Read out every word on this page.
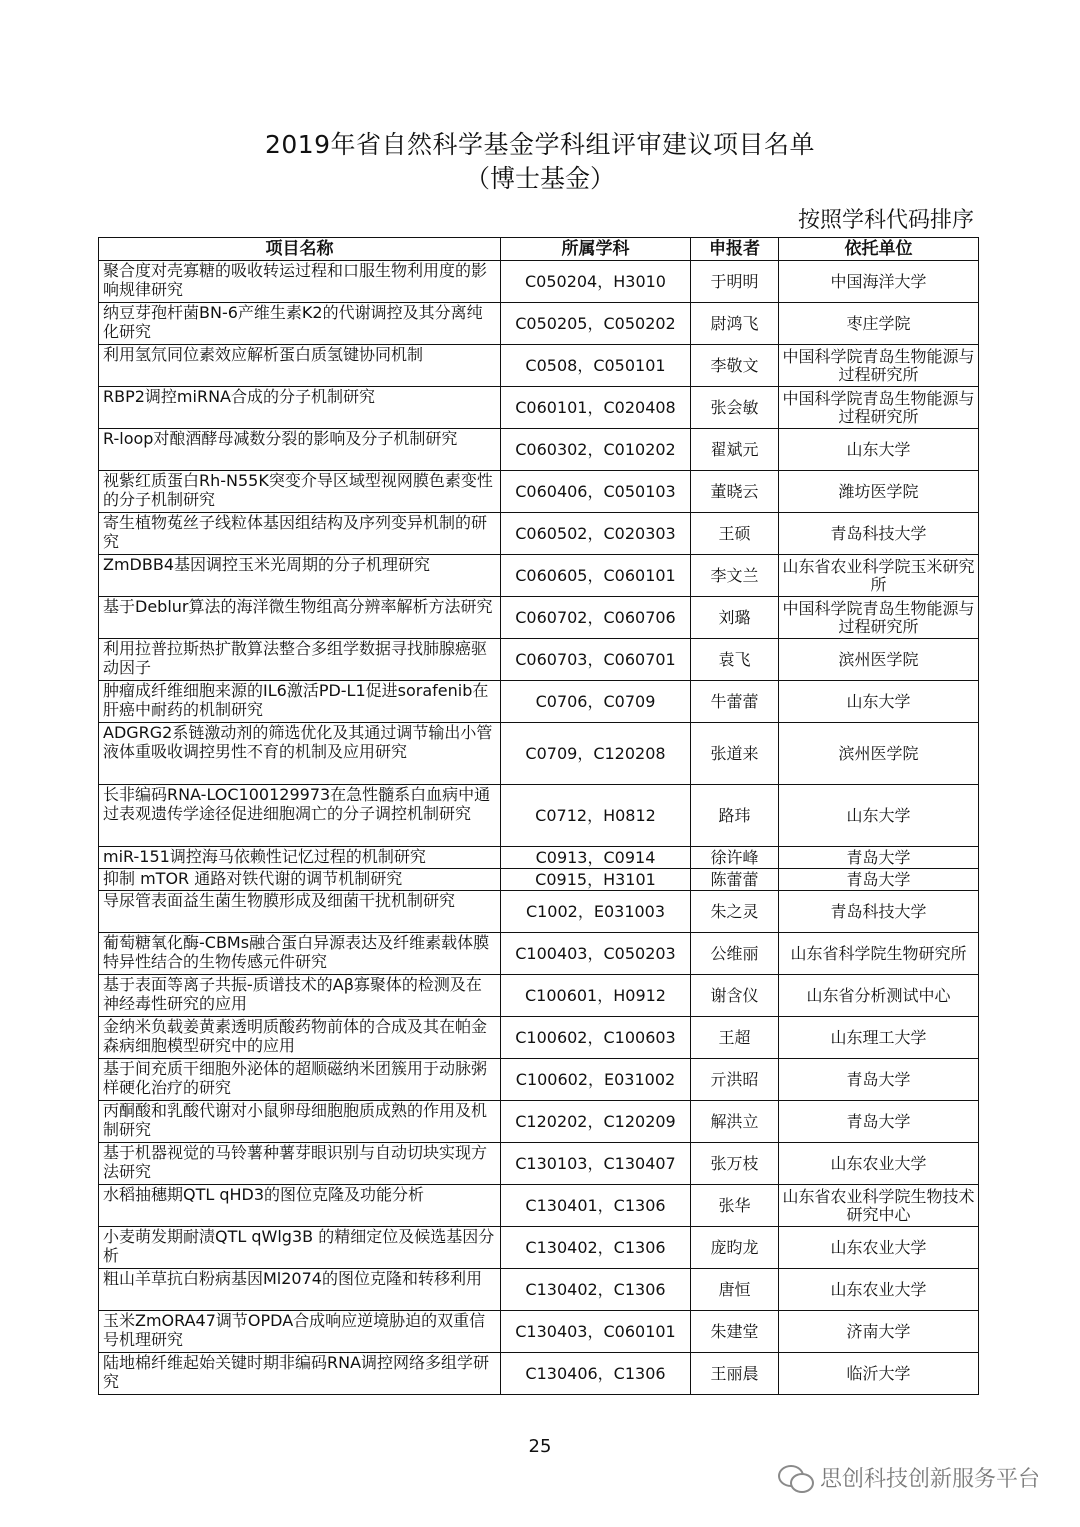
2019年省自然科学基金学科组评审建议项目名单
（博士基金）
按照学科代码排序
项目名称	所属学科	申报者	依托单位

聚合度对壳寡糖的吸收转运过程和口服生物利用度的影响规律研究	C050204，H3010	于明明	中国海洋大学

纳豆芽孢杆菌BN-6产维生素K2的代谢调控及其分离纯化研究	C050205，C050202	尉鸿飞	枣庄学院

利用氢氘同位素效应解析蛋白质氢键协同机制	C0508，C050101	李敬文	中国科学院青岛生物能源与过程研究所

RBP2调控miRNA合成的分子机制研究	C060101，C020408	张会敏	中国科学院青岛生物能源与过程研究所

R-loop对酿酒酵母减数分裂的影响及分子机制研究	C060302，C010202	翟斌元	山东大学

视紫红质蛋白Rh-N55K突变介导区域型视网膜色素变性的分子机制研究	C060406，C050103	董晓云	潍坊医学院

寄生植物菟丝子线粒体基因组结构及序列变异机制的研究	C060502，C020303	王硕	青岛科技大学

ZmDBB4基因调控玉米光周期的分子机理研究	C060605，C060101	李文兰	山东省农业科学院玉米研究所

基于Deblur算法的海洋微生物组高分辨率解析方法研究	C060702，C060706	刘璐	中国科学院青岛生物能源与过程研究所

利用拉普拉斯热扩散算法整合多组学数据寻找肺腺癌驱动因子	C060703，C060701	袁飞	滨州医学院

肿瘤成纤维细胞来源的IL6激活PD-L1促进sorafenib在肝癌中耐药的机制研究	C0706，C0709	牛蕾蕾	山东大学

ADGRG2系链激动剂的筛选优化及其通过调节输出小管液体重吸收调控男性不育的机制及应用研究	C0709，C120208	张道来	滨州医学院

长非编码RNA-LOC100129973在急性髓系白血病中通过表观遗传学途径促进细胞凋亡的分子调控机制研究	C0712，H0812	路玮	山东大学

miR-151调控海马依赖性记忆过程的机制研究	C0913，C0914	徐许峰	青岛大学

抑制 mTOR 通路对铁代谢的调节机制研究	C0915，H3101	陈蕾蕾	青岛大学

导尿管表面益生菌生物膜形成及细菌干扰机制研究	C1002，E031003	朱之灵	青岛科技大学

葡萄糖氧化酶-CBMs融合蛋白异源表达及纤维素载体膜特异性结合的生物传感元件研究	C100403，C050203	公维丽	山东省科学院生物研究所

基于表面等离子共振-质谱技术的Aβ寡聚体的检测及在神经毒性研究的应用	C100601，H0912	谢含仪	山东省分析测试中心

金纳米负载姜黄素透明质酸药物前体的合成及其在帕金森病细胞模型研究中的应用	C100602，C100603	王超	山东理工大学

基于间充质干细胞外泌体的超顺磁纳米团簇用于动脉粥样硬化治疗的研究	C100602，E031002	亓洪昭	青岛大学

丙酮酸和乳酸代谢对小鼠卵母细胞胞质成熟的作用及机制研究	C120202，C120209	解洪立	青岛大学

基于机器视觉的马铃薯种薯芽眼识别与自动切块实现方法研究	C130103，C130407	张万枝	山东农业大学

水稻抽穗期QTL qHD3的图位克隆及功能分析	C130401，C1306	张华	山东省农业科学院生物技术研究中心

小麦萌发期耐渍QTL qWlg3B 的精细定位及候选基因分析	C130402，C1306	庞昀龙	山东农业大学

粗山羊草抗白粉病基因Ml2074的图位克隆和转移利用	C130402，C1306	唐恒	山东农业大学

玉米ZmORA47调节OPDA合成响应逆境胁迫的双重信号机理研究	C130403，C060101	朱建堂	济南大学

陆地棉纤维起始关键时期非编码RNA调控网络多组学研究	C130406，C1306	王丽晨	临沂大学
25
思创科技创新服务平台
